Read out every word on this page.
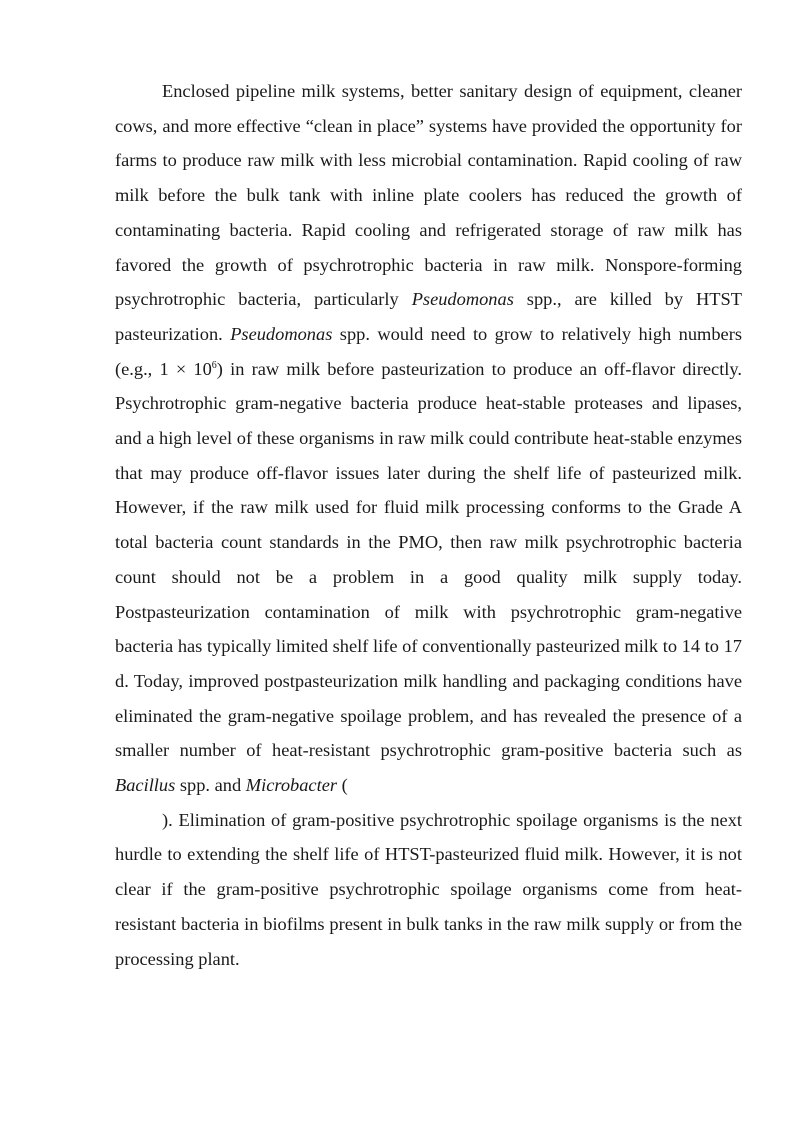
Enclosed pipeline milk systems, better sanitary design of equipment, cleaner cows, and more effective “clean in place” systems have provided the opportunity for farms to produce raw milk with less microbial contamination. Rapid cooling of raw milk before the bulk tank with inline plate coolers has reduced the growth of contaminating bacteria. Rapid cooling and refrigerated storage of raw milk has favored the growth of psychrotrophic bacteria in raw milk. Nonspore-forming psychrotrophic bacteria, particularly Pseudomonas spp., are killed by HTST pasteurization. Pseudomonas spp. would need to grow to relatively high numbers (e.g., $1 \times 10^6$) in raw milk before pasteurization to produce an off-flavor directly. Psychrotrophic gram-negative bacteria produce heat-stable proteases and lipases, and a high level of these organisms in raw milk could contribute heat-stable enzymes that may produce off-flavor issues later during the shelf life of pasteurized milk. However, if the raw milk used for fluid milk processing conforms to the Grade A total bacteria count standards in the PMO, then raw milk psychrotrophic bacteria count should not be a problem in a good quality milk supply today. Postpasteurization contamination of milk with psychrotrophic gram-negative bacteria has typically limited shelf life of conventionally pasteurized milk to 14 to 17 d. Today, improved postpasteurization milk handling and packaging conditions have eliminated the gram-negative spoilage problem, and has revealed the presence of a smaller number of heat-resistant psychrotrophic gram-positive bacteria such as Bacillus spp. and Microbacter (

). Elimination of gram-positive psychrotrophic spoilage organisms is the next hurdle to extending the shelf life of HTST-pasteurized fluid milk. However, it is not clear if the gram-positive psychrotrophic spoilage organisms come from heat-resistant bacteria in biofilms present in bulk tanks in the raw milk supply or from the processing plant.
